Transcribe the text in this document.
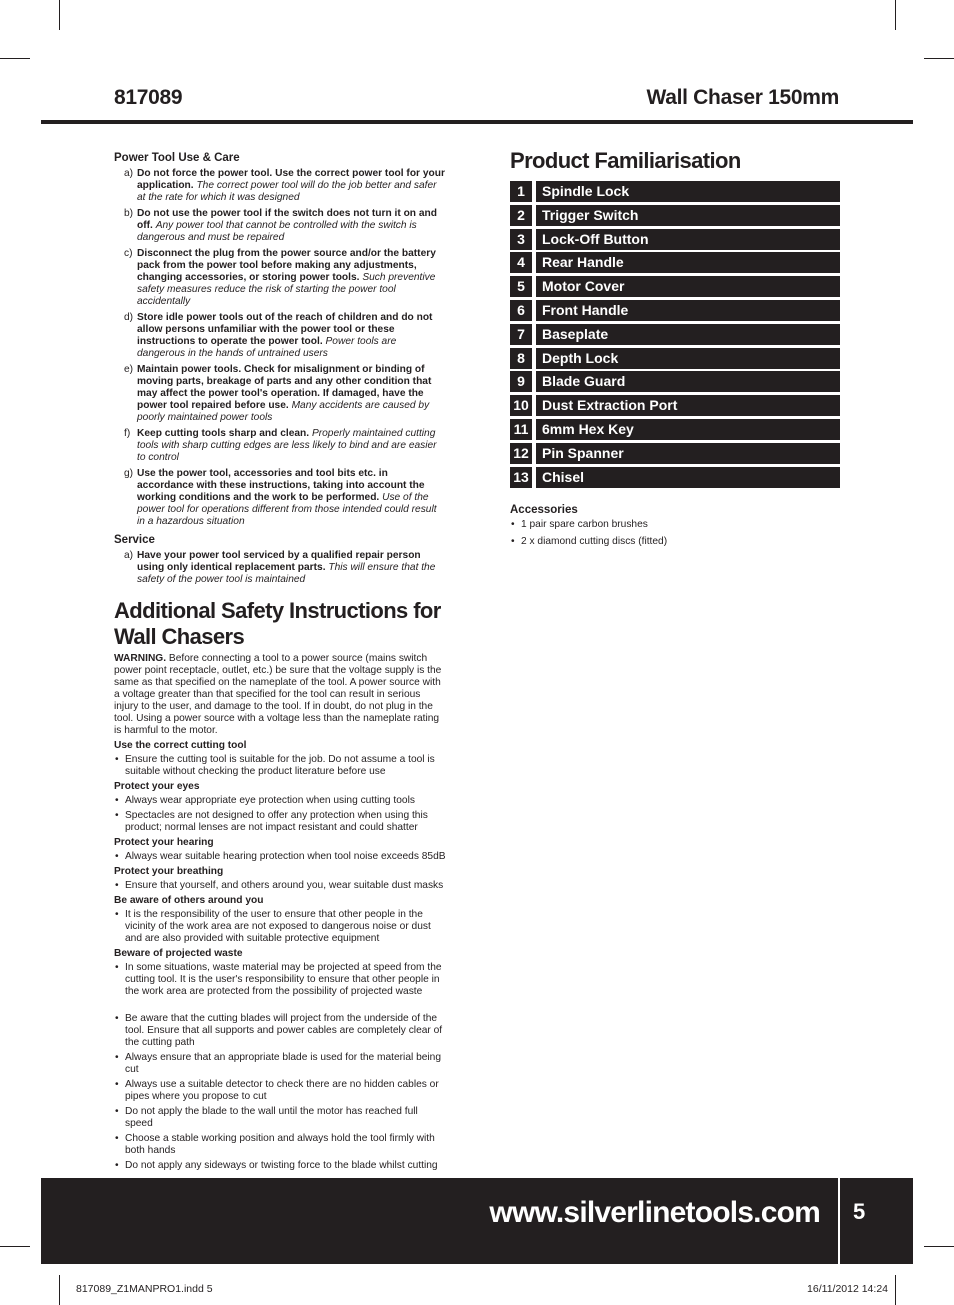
817089	Wall Chaser 150mm
Power Tool Use & Care
a) Do not force the power tool. Use the correct power tool for your application. The correct power tool will do the job better and safer at the rate for which it was designed
b) Do not use the power tool if the switch does not turn it on and off. Any power tool that cannot be controlled with the switch is dangerous and must be repaired
c) Disconnect the plug from the power source and/or the battery pack from the power tool before making any adjustments, changing accessories, or storing power tools. Such preventive safety measures reduce the risk of starting the power tool accidentally
d) Store idle power tools out of the reach of children and do not allow persons unfamiliar with the power tool or these instructions to operate the power tool. Power tools are dangerous in the hands of untrained users
e) Maintain power tools. Check for misalignment or binding of moving parts, breakage of parts and any other condition that may affect the power tool's operation. If damaged, have the power tool repaired before use. Many accidents are caused by poorly maintained power tools
f) Keep cutting tools sharp and clean. Properly maintained cutting tools with sharp cutting edges are less likely to bind and are easier to control
g) Use the power tool, accessories and tool bits etc. in accordance with these instructions, taking into account the working conditions and the work to be performed. Use of the power tool for operations different from those intended could result in a hazardous situation
Service
a) Have your power tool serviced by a qualified repair person using only identical replacement parts. This will ensure that the safety of the power tool is maintained
Additional Safety Instructions for Wall Chasers
WARNING. Before connecting a tool to a power source (mains switch power point receptacle, outlet, etc.) be sure that the voltage supply is the same as that specified on the nameplate of the tool. A power source with a voltage greater than that specified for the tool can result in serious injury to the user, and damage to the tool. If in doubt, do not plug in the tool. Using a power source with a voltage less than the nameplate rating is harmful to the motor.
Use the correct cutting tool
• Ensure the cutting tool is suitable for the job. Do not assume a tool is suitable without checking the product literature before use
Protect your eyes
• Always wear appropriate eye protection when using cutting tools
• Spectacles are not designed to offer any protection when using this product; normal lenses are not impact resistant and could shatter
Protect your hearing
• Always wear suitable hearing protection when tool noise exceeds 85dB
Protect your breathing
• Ensure that yourself, and others around you, wear suitable dust masks
Be aware of others around you
• It is the responsibility of the user to ensure that other people in the vicinity of the work area are not exposed to dangerous noise or dust and are also provided with suitable protective equipment
Beware of projected waste
• In some situations, waste material may be projected at speed from the cutting tool. It is the user's responsibility to ensure that other people in the work area are protected from the possibility of projected waste
• Be aware that the cutting blades will project from the underside of the tool. Ensure that all supports and power cables are completely clear of the cutting path
• Always ensure that an appropriate blade is used for the material being cut
• Always use a suitable detector to check there are no hidden cables or pipes where you propose to cut
• Do not apply the blade to the wall until the motor has reached full speed
• Choose a stable working position and always hold the tool firmly with both hands
• Do not apply any sideways or twisting force to the blade whilst cutting
Product Familiarisation
1	Spindle Lock
2	Trigger Switch
3	Lock-Off Button
4	Rear Handle
5	Motor Cover
6	Front Handle
7	Baseplate
8	Depth Lock
9	Blade Guard
10 Dust Extraction Port
11 6mm Hex Key
12 Pin Spanner
13 Chisel
Accessories
• 1 pair spare carbon brushes
• 2 x diamond cutting discs (fitted)
www.silverlinetools.com 5
817089_Z1MANPRO1.indd 5	16/11/2012 14:24
